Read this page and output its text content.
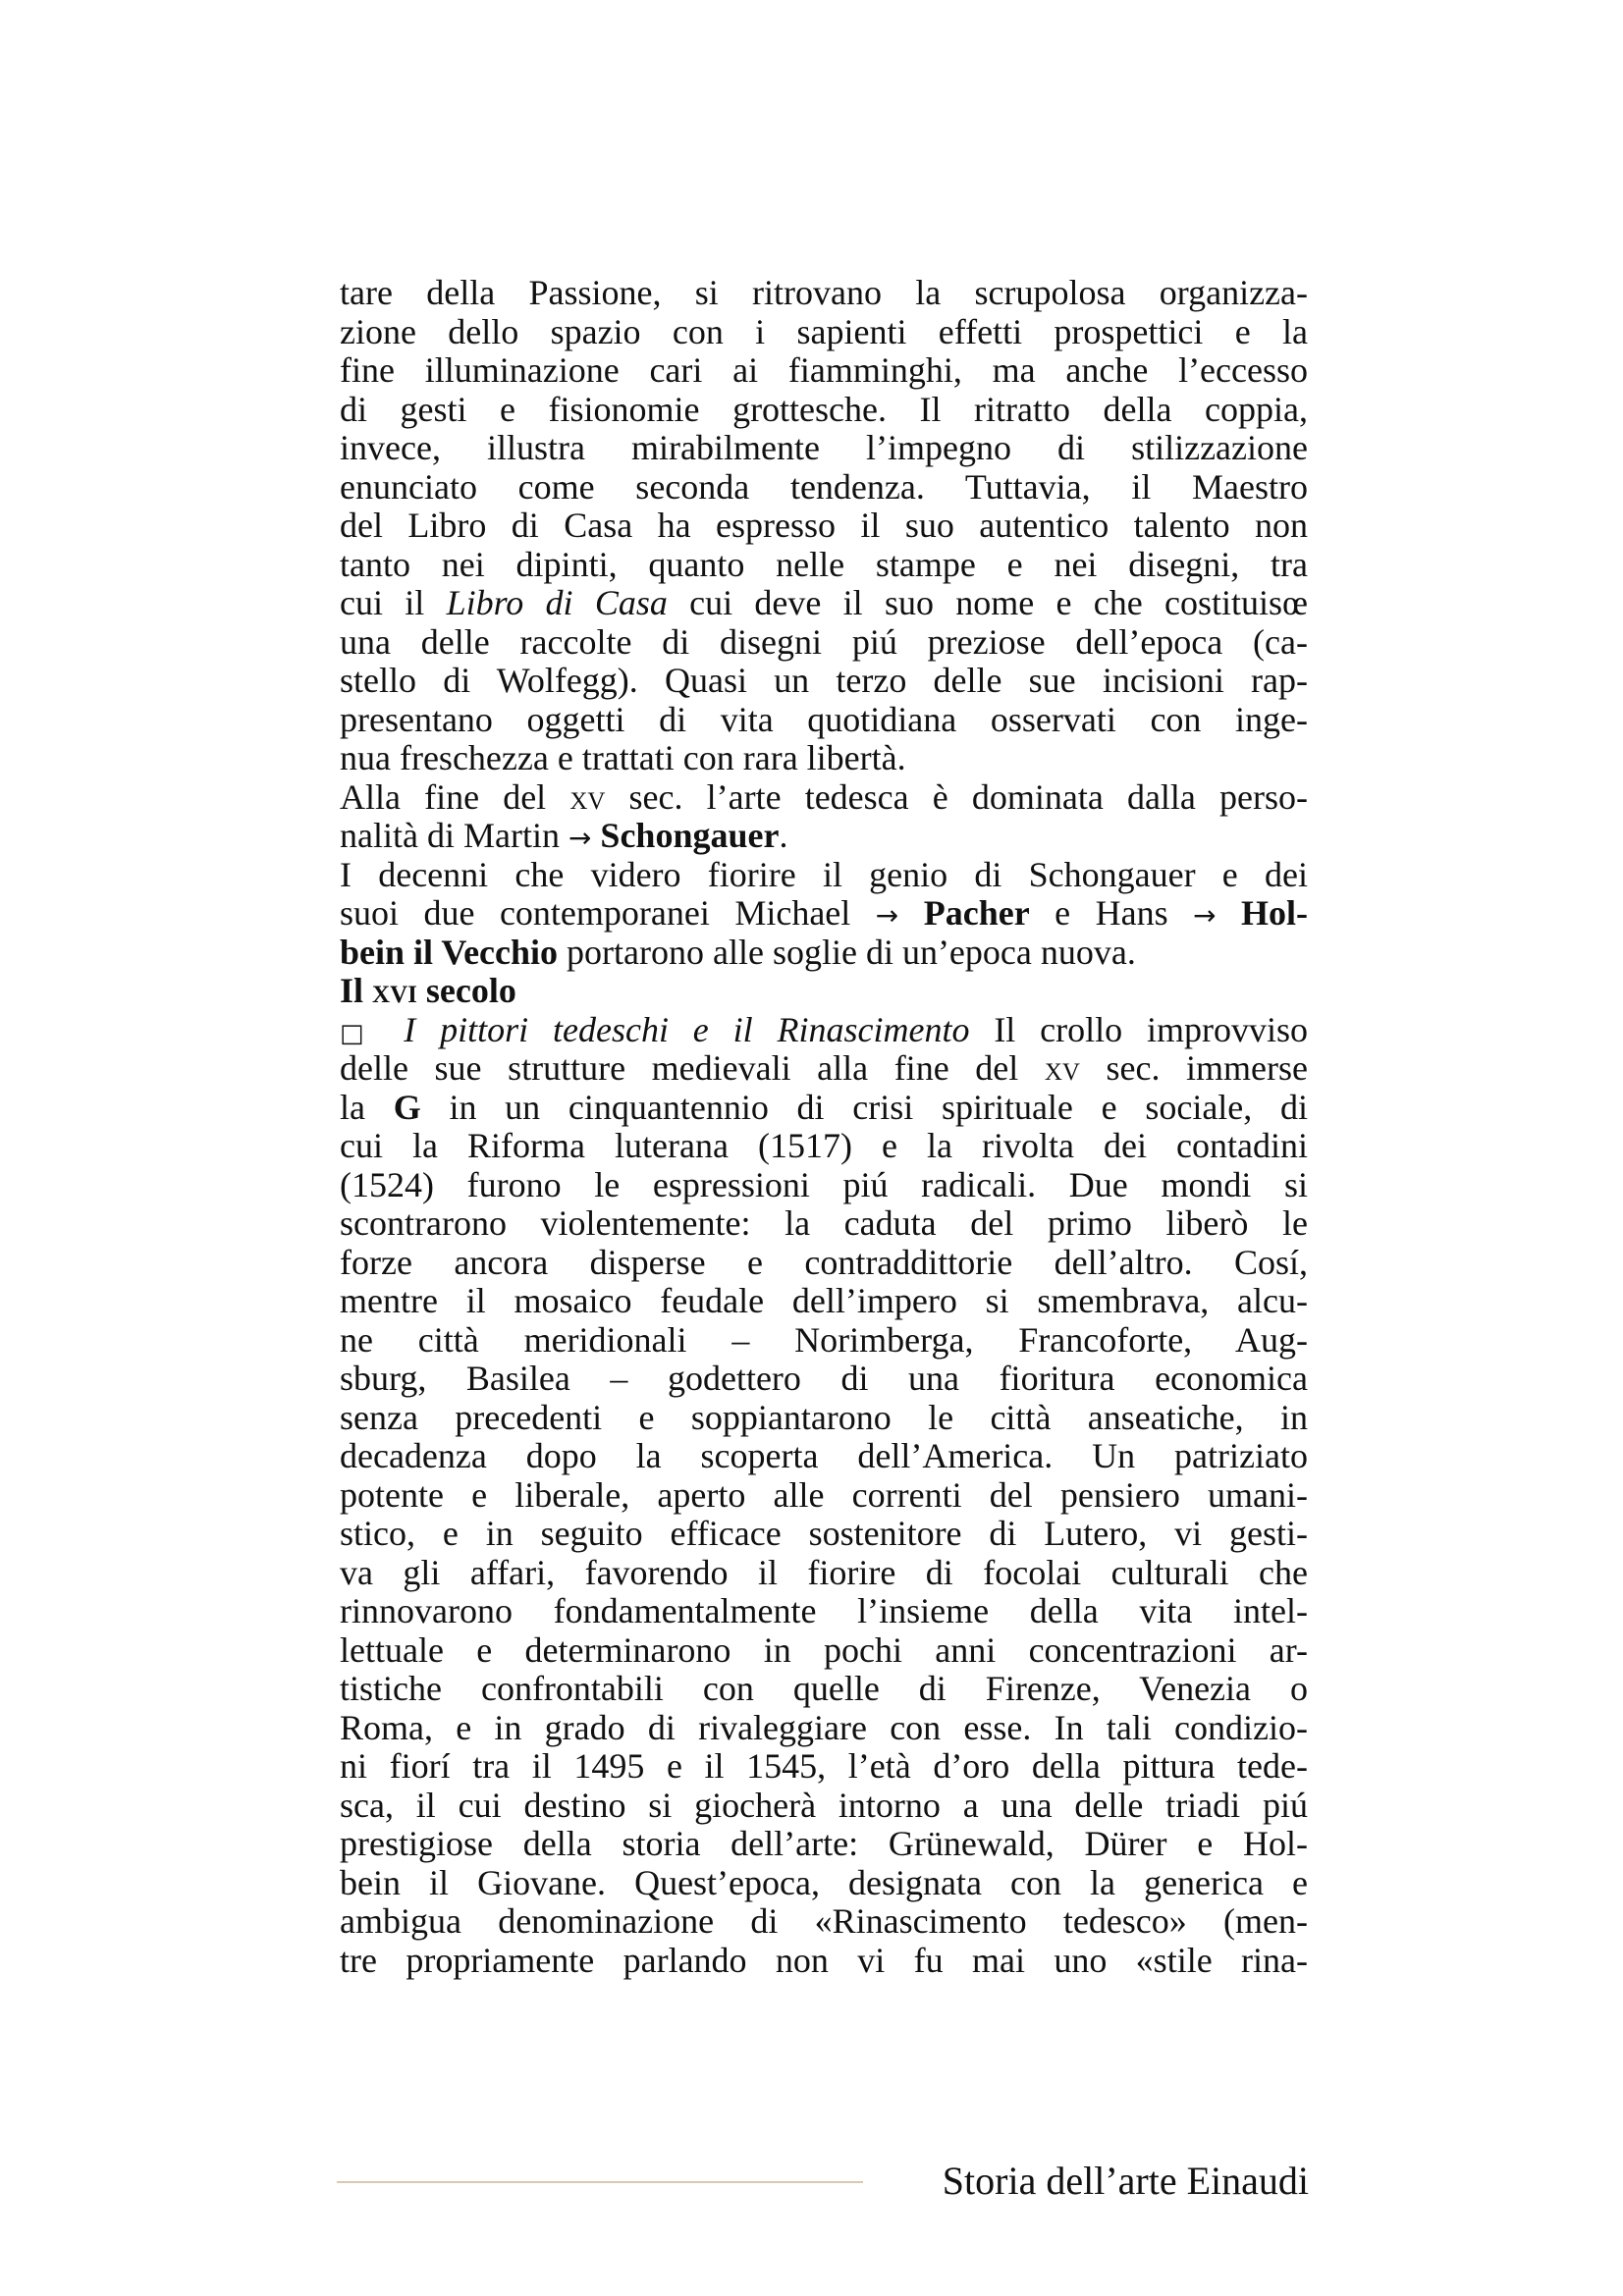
tare della Passione, si ritrovano la scrupolosa organizza-
zione dello spazio con i sapienti effetti prospettici e la
fine illuminazione cari ai fiamminghi, ma anche l’eccesso
di gesti e fisionomie grottesche. Il ritratto della coppia,
invece, illustra mirabilmente l’impegno di stilizzazione
enunciato come seconda tendenza. Tuttavia, il Maestro
del Libro di Casa ha espresso il suo autentico talento non
tanto nei dipinti, quanto nelle stampe e nei disegni, tra
cui il Libro di Casa cui deve il suo nome e che costituisœ
una delle raccolte di disegni piú preziose dell’epoca (ca-
stello di Wolfegg). Quasi un terzo delle sue incisioni rap-
presentano oggetti di vita quotidiana osservati con inge-
nua freschezza e trattati con rara libertà.
Alla fine del xv sec. l’arte tedesca è dominata dalla perso-
nalità di Martin → Schongauer.
I decenni che videro fiorire il genio di Schongauer e dei
suoi due contemporanei Michael → Pacher e Hans → Hol-
bein il Vecchio portarono alle soglie di un’epoca nuova.
Il xvi secolo
□ I pittori tedeschi e il Rinascimento Il crollo improvviso
delle sue strutture medievali alla fine del xv sec. immerse
la G in un cinquantennio di crisi spirituale e sociale, di
cui la Riforma luterana (1517) e la rivolta dei contadini
(1524) furono le espressioni piú radicali. Due mondi si
scontrarono violentemente: la caduta del primo liberò le
forze ancora disperse e contraddittorie dell’altro. Cosí,
mentre il mosaico feudale dell’impero si smembrava, alcu-
ne città meridionali – Norimberga, Francoforte, Aug-
sburg, Basilea – godettero di una fioritura economica
senza precedenti e soppiantarono le città anseatiche, in
decadenza dopo la scoperta dell’America. Un patriziato
potente e liberale, aperto alle correnti del pensiero umani-
stico, e in seguito efficace sostenitore di Lutero, vi gesti-
va gli affari, favorendo il fiorire di focolai culturali che
rinnovarono fondamentalmente l’insieme della vita intel-
lettuale e determinarono in pochi anni concentrazioni ar-
tistiche confrontabili con quelle di Firenze, Venezia o
Roma, e in grado di rivaleggiare con esse. In tali condizio-
ni fiorí tra il 1495 e il 1545, l’età d’oro della pittura tede-
sca, il cui destino si giocherà intorno a una delle triadi piú
prestigiose della storia dell’arte: Grünewald, Dürer e Hol-
bein il Giovane. Quest’epoca, designata con la generica e
ambigua denominazione di «Rinascimento tedesco» (men-
tre propriamente parlando non vi fu mai uno «stile rina-
Storia dell’arte Einaudi
